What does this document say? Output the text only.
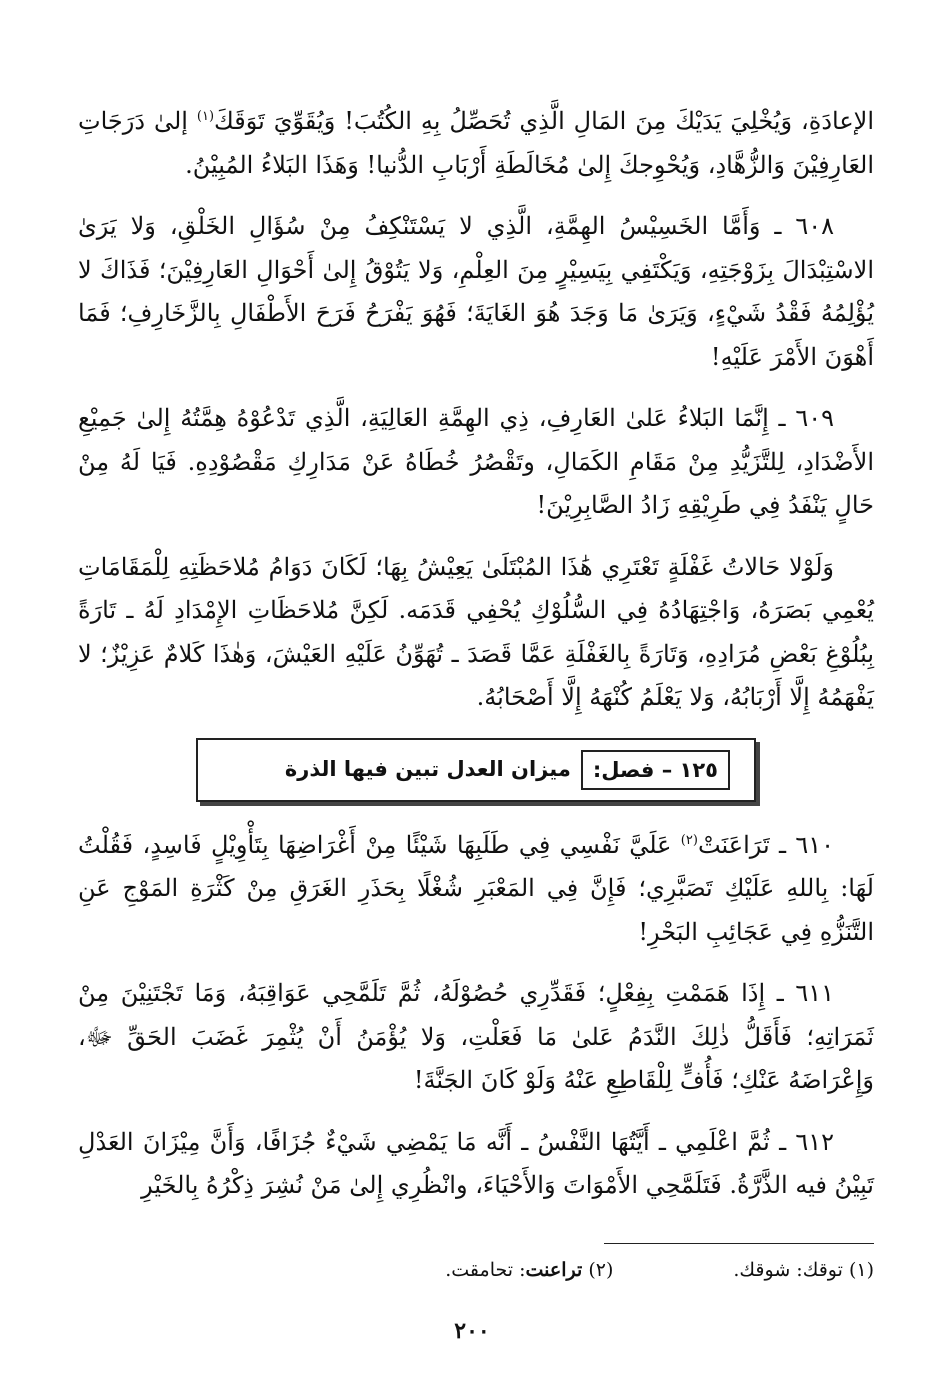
الإعادَةِ، وَيُخْلِيَ يَدَيْكَ مِنَ المَالِ الَّذِي تُحَصِّلُ بِهِ الكُتُبَ! وَيُقَوِّيَ تَوَقَكَ$^{(١)}$ إلىٰ دَرَجَاتِ العَارِفِيْنَ وَالزُّهَّادِ، وَيُحْوِجكَ إِلىٰ مُخَالَطَةِ أَرْبَابِ الدُّنيا! وَهَذَا البَلاءُ المُبِيْنُ.

٦٠٨ ـ وَأَمَّا الخَسِيْسُ الهِمَّةِ، الَّذِي لا يَسْتَنْكِفُ مِنْ سُؤَالِ الخَلْقِ، وَلا يَرَىٰ الاسْتِبْدَالَ بِزَوْجَتِهِ، وَيَكْتَفِي بِيَسِيْرٍ مِنَ العِلْمِ، وَلا يَتُوْقُ إِلىٰ أَحْوَالِ العَارِفِيْنَ؛ فَذَاكَ لا يُؤْلِمُهُ فَقْدُ شَيْءٍ، وَيَرَىٰ مَا وَجَدَ هُوَ الغَايَةَ؛ فَهُوَ يَفْرَحُ فَرَحَ الأَطْفَالِ بِالزَّخَارِفِ؛ فَمَا أَهْوَنَ الأَمْرَ عَلَيْهِ!

٦٠٩ ـ إِنَّمَا البَلاءُ عَلىٰ العَارِفِ، ذِي الهِمَّةِ العَالِيَةِ، الَّذِي تَدْعُوْهُ هِمَّتُهُ إِلىٰ جَمِيْعِ الأَضْدَادِ، لِلتَّزَيُّدِ مِنْ مَقَامِ الكَمَالِ، وتَقْصُرُ خُطَاهُ عَنْ مَدَارِكِ مَقْصُوْدِهِ. فَيَا لَهُ مِنْ حَالٍ يَنْفَدُ فِي طَرِيْقِهِ زَادُ الصَّابِرِيْنَ!

وَلَوْلا حَالاتُ غَفْلَةٍ تَعْتَرِي هَٰذَا المُبْتَلَىٰ يَعِيْشُ بِهَا؛ لَكَانَ دَوَامُ مُلاحَظَتِهِ لِلْمَقَامَاتِ يُعْمِي بَصَرَهُ، وَاجْتِهَادُهُ فِي السُّلُوْكِ يُحْفِي قَدَمَه. لَكِنَّ مُلاحَظَاتِ الإِمْدَادِ لَهُ ـ تَارَةً بِبُلُوْغِ بَعْضِ مُرَادِهِ، وَتَارَةً بِالغَفْلَةِ عَمَّا قَصَدَ ـ تُهَوِّنُ عَلَيْهِ العَيْشَ، وَهٰذَا كَلامٌ عَزِيْزٌ؛ لا يَفْهَمُهُ إِلَّا أَرْبَابُهُ، وَلا يَعْلَمُ كُنْهَهُ إِلَّا أَصْحَابُهُ.

١٢٥ – فصل:
ميزان العدل تبين فيها الذرة

٦١٠ ـ تَرَاعَنَتْ$^{(٢)}$ عَلَيَّ نَفْسِي فِي طَلَبِهَا شَيْئًا مِنْ أَغْرَاضِهَا بِتَأْوِيْلٍ فَاسِدٍ، فَقُلْتُ لَهَا: بِاللهِ عَلَيْكِ تَصَبَّرِي؛ فَإِنَّ فِي المَعْبَرِ شُغْلًا بِحَذَرِ الغَرَقِ مِنْ كَثْرَةِ المَوْجِ عَنِ التَّنَزُّهِ فِي عَجَائِبِ البَحْرِ!

٦١١ ـ إِذَا هَمَمْتِ بِفِعْلٍ؛ فَقَدِّرِي حُصُوْلَهُ، ثُمَّ تَلَمَّحِي عَوَاقِبَهُ، وَمَا تَجْتَنِيْنَ مِنْ ثَمَرَاتِهِ؛ فَأَقَلُّ ذٰلِكَ النَّدَمُ عَلىٰ مَا فَعَلْتِ، وَلا يُؤْمَنُ أَنْ يُثْمِرَ غَضَبَ الحَقِّ ﷻ، وَإِعْرَاضَهُ عَنْكِ؛ فَأُفٍّ لِلْقَاطِعِ عَنْهُ وَلَوْ كَانَ الجَنَّةَ!

٦١٢ ـ ثُمَّ اعْلَمِي ـ أَيَّتُهَا النَّفْسُ ـ أَنَّه مَا يَمْضِي شَيْءٌ جُزَافًا، وَأَنَّ مِيْزَانَ العَدْلِ تَبِيْنُ فيه الذَّرَّةُ. فَتَلَمَّحِي الأَمْوَاتَ وَالأَحْيَاءَ، وانْظُرِي إِلىٰ مَنْ نُشِرَ ذِكْرُهُ بِالخَيْرِ

(١) توقك: شوقك.
(٢) تراعنت: تحامقت.
٢٠٠
